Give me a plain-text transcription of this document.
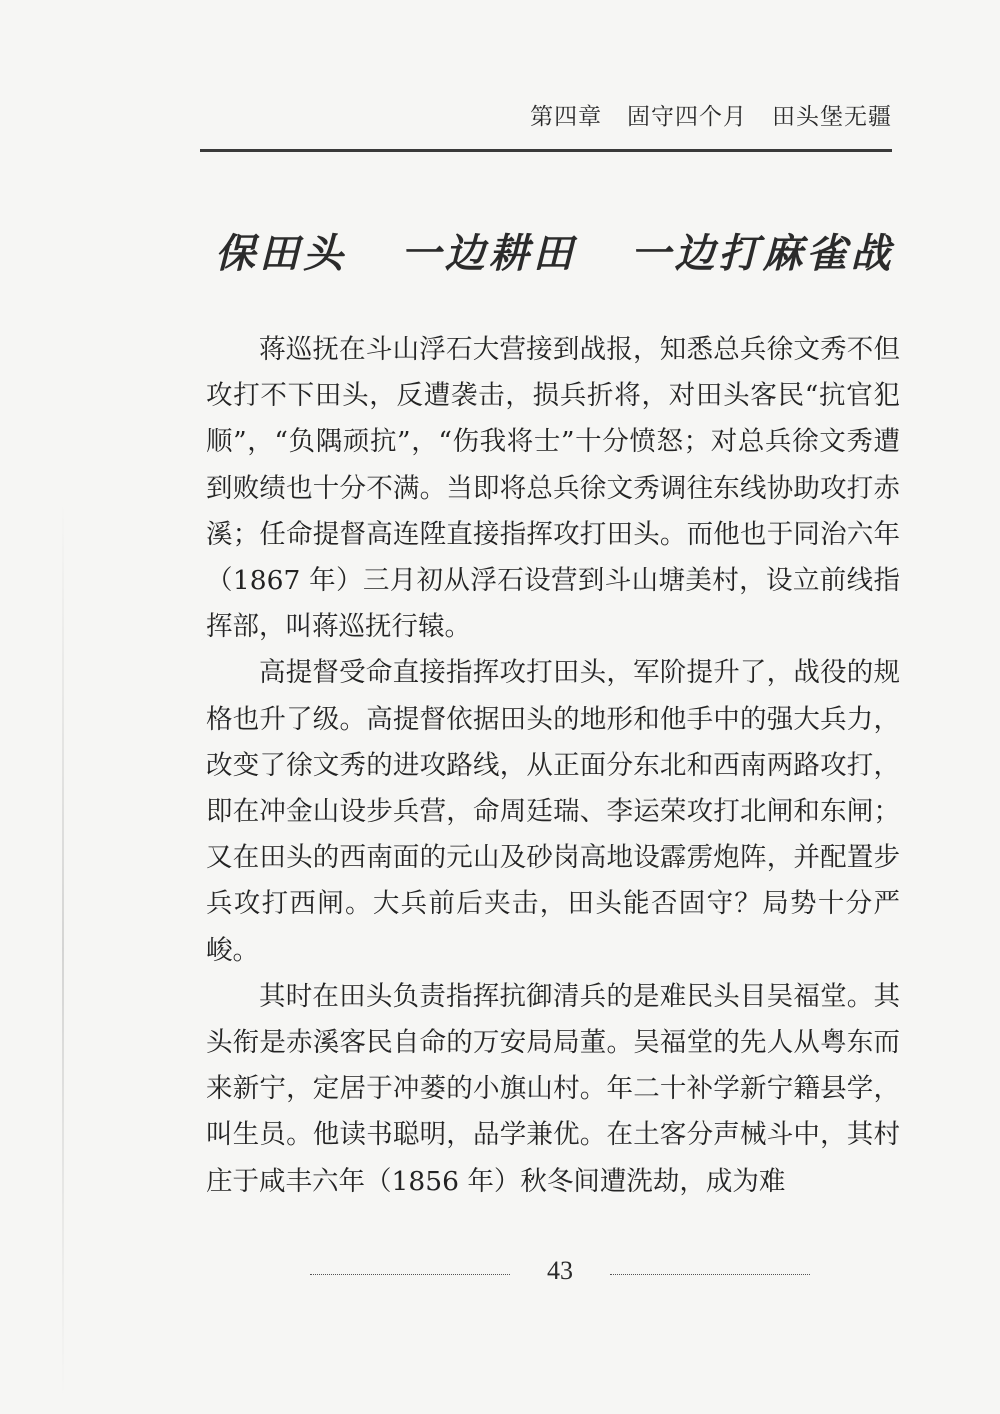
第四章   固守四个月   田头堡无疆
保田头   一边耕田   一边打麻雀战

蒋巡抚在斗山浮石大营接到战报，知悉总兵徐文秀不但攻打不下田头，反遭袭击，损兵折将，对田头客民“抗官犯顺”，“负隅顽抗”，“伤我将士”十分愤怒；对总兵徐文秀遭到败绩也十分不满。当即将总兵徐文秀调往东线协助攻打赤溪；任命提督高连陞直接指挥攻打田头。而他也于同治六年（1867 年）三月初从浮石设营到斗山塘美村，设立前线指挥部，叫蒋巡抚行辕。

高提督受命直接指挥攻打田头，军阶提升了，战役的规格也升了级。高提督依据田头的地形和他手中的强大兵力，改变了徐文秀的进攻路线，从正面分东北和西南两路攻打，即在冲金山设步兵营，命周廷瑞、李运荣攻打北闸和东闸；又在田头的西南面的元山及砂岗高地设霹雳炮阵，并配置步兵攻打西闸。大兵前后夹击，田头能否固守？局势十分严峻。

其时在田头负责指挥抗御清兵的是难民头目吴福堂。其头衔是赤溪客民自命的万安局局董。吴福堂的先人从粤东而来新宁，定居于冲蒌的小旗山村。年二十补学新宁籍县学，叫生员。他读书聪明，品学兼优。在土客分声械斗中，其村庄于咸丰六年（1856 年）秋冬间遭洗劫，成为难

43
